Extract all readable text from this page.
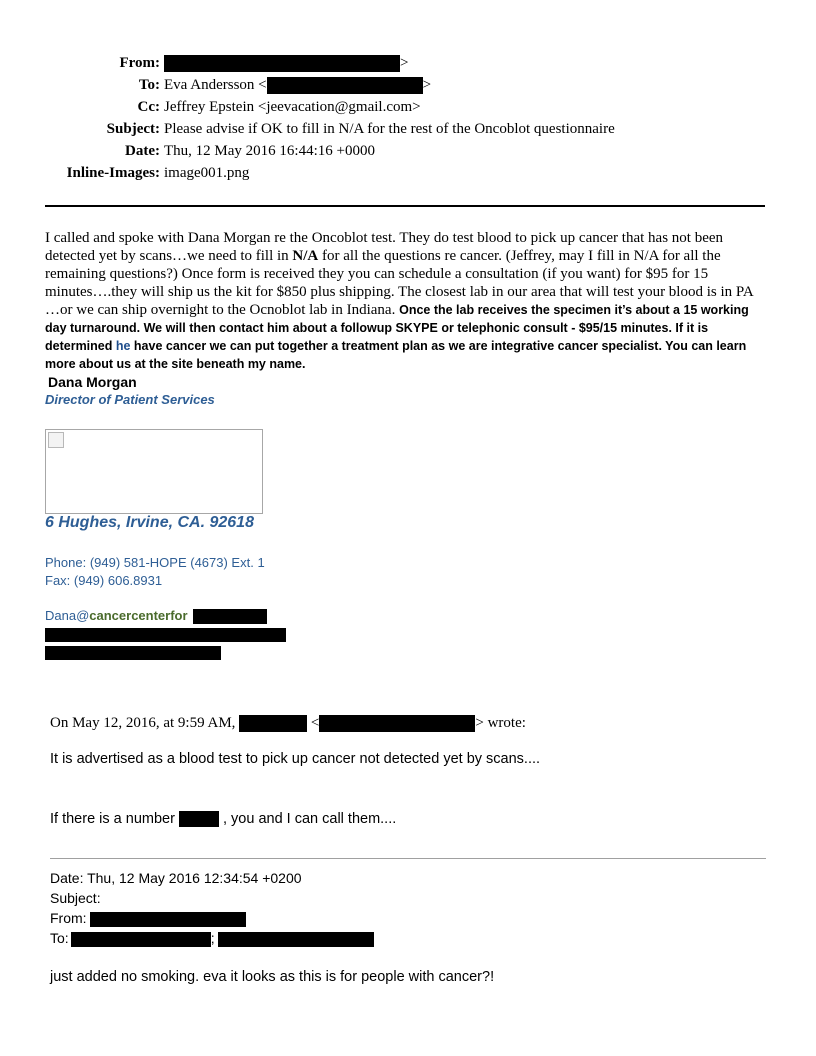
From:	>
To: Eva Andersson <	>
Cc: Jeffrey Epstein <jeevacation@gmail.com>
Subject: Please advise if OK to fill in N/A for the rest of the Oncoblot questionnaire
Date: Thu, 12 May 2016 16:44:16 +0000
Inline-Images: image001.png
I called and spoke with Dana Morgan re the Oncoblot test. They do test blood to pick up cancer that has not been detected yet by scans…we need to fill in N/A for all the questions re cancer. (Jeffrey, may I fill in N/A for all the remaining questions?) Once form is received they you can schedule a consultation (if you want) for $95 for 15 minutes….they will ship us the kit for $850 plus shipping. The closest lab in our area that will test your blood is in PA …or we can ship overnight to the Ocnoblot lab in Indiana. Once the lab receives the specimen it’s about a 15 working day turnaround. We will then contact him about a followup SKYPE or telephonic consult - $95/15 minutes. If it is determined he have cancer we can put together a treatment plan as we are integrative cancer specialist. You can learn more about us at the site beneath my name.
Dana Morgan
Director of Patient Services
6 Hughes, Irvine, CA. 92618
Phone: (949) 581-HOPE (4673) Ext. 1
Fax: (949) 606.8931
Dana@cancercenterfor
On May 12, 2016, at 9:59 AM,	<	> wrote:
It is advertised as a blood test to pick up cancer not detected yet by scans....
If there is a number	, you and I can call them....
Date: Thu, 12 May 2016 12:34:54 +0200
Subject:
From:
To:	;
just added no smoking. eva it looks as this is for people with cancer?!
